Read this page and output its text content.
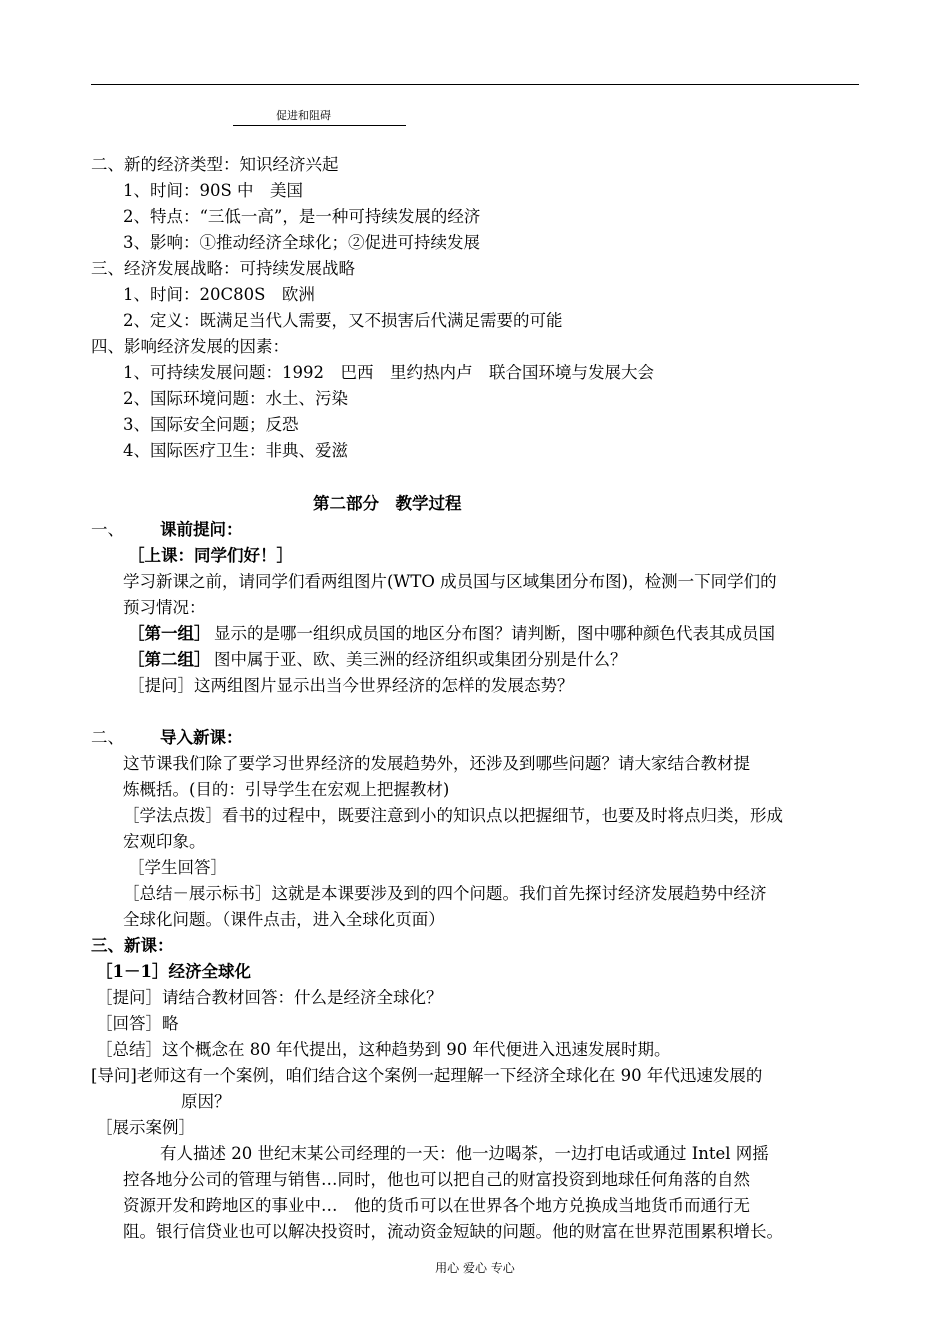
促进和阻碍
二、新的经济类型：知识经济兴起
1、时间：90S 中　美国
2、特点：“三低一高”，是一种可持续发展的经济
3、影响：①推动经济全球化；②促进可持续发展
三、经济发展战略：可持续发展战略
1、时间：20C80S　欧洲
2、定义：既满足当代人需要，又不损害后代满足需要的可能
四、影响经济发展的因素：
1、可持续发展问题：1992　巴西　里约热内卢　联合国环境与发展大会
2、国际环境问题：水土、污染
3、国际安全问题；反恐
4、国际医疗卫生：非典、爱滋
第二部分　教学过程
一、 课前提问：
［上课：同学们好！］
学习新课之前，请同学们看两组图片(WTO 成员国与区域集团分布图)，检测一下同学们的
预习情况：
［第一组］ 显示的是哪一组织成员国的地区分布图？请判断，图中哪种颜色代表其成员国
［第二组］ 图中属于亚、欧、美三洲的经济组织或集团分别是什么？
［提问］这两组图片显示出当今世界经济的怎样的发展态势？
二、 导入新课：
这节课我们除了要学习世界经济的发展趋势外，还涉及到哪些问题？请大家结合教材提
炼概括。(目的：引导学生在宏观上把握教材)
［学法点拨］看书的过程中，既要注意到小的知识点以把握细节，也要及时将点归类，形成
宏观印象。
［学生回答］
［总结－展示标书］这就是本课要涉及到的四个问题。我们首先探讨经济发展趋势中经济
全球化问题。（课件点击，进入全球化页面）
三、新课：
［1－1］经济全球化
［提问］请结合教材回答：什么是经济全球化？
［回答］略
［总结］这个概念在 80 年代提出，这种趋势到 90 年代便进入迅速发展时期。
[导问]老师这有一个案例，咱们结合这个案例一起理解一下经济全球化在 90 年代迅速发展的
原因？
［展示案例］
有人描述 20 世纪末某公司经理的一天：他一边喝茶，一边打电话或通过 Intel 网摇
控各地分公司的管理与销售…同时，他也可以把自己的财富投资到地球任何角落的自然
资源开发和跨地区的事业中…　他的货币可以在世界各个地方兑换成当地货币而通行无
阻。银行信贷业也可以解决投资时，流动资金短缺的问题。他的财富在世界范围累积增长。
用心 爱心 专心
